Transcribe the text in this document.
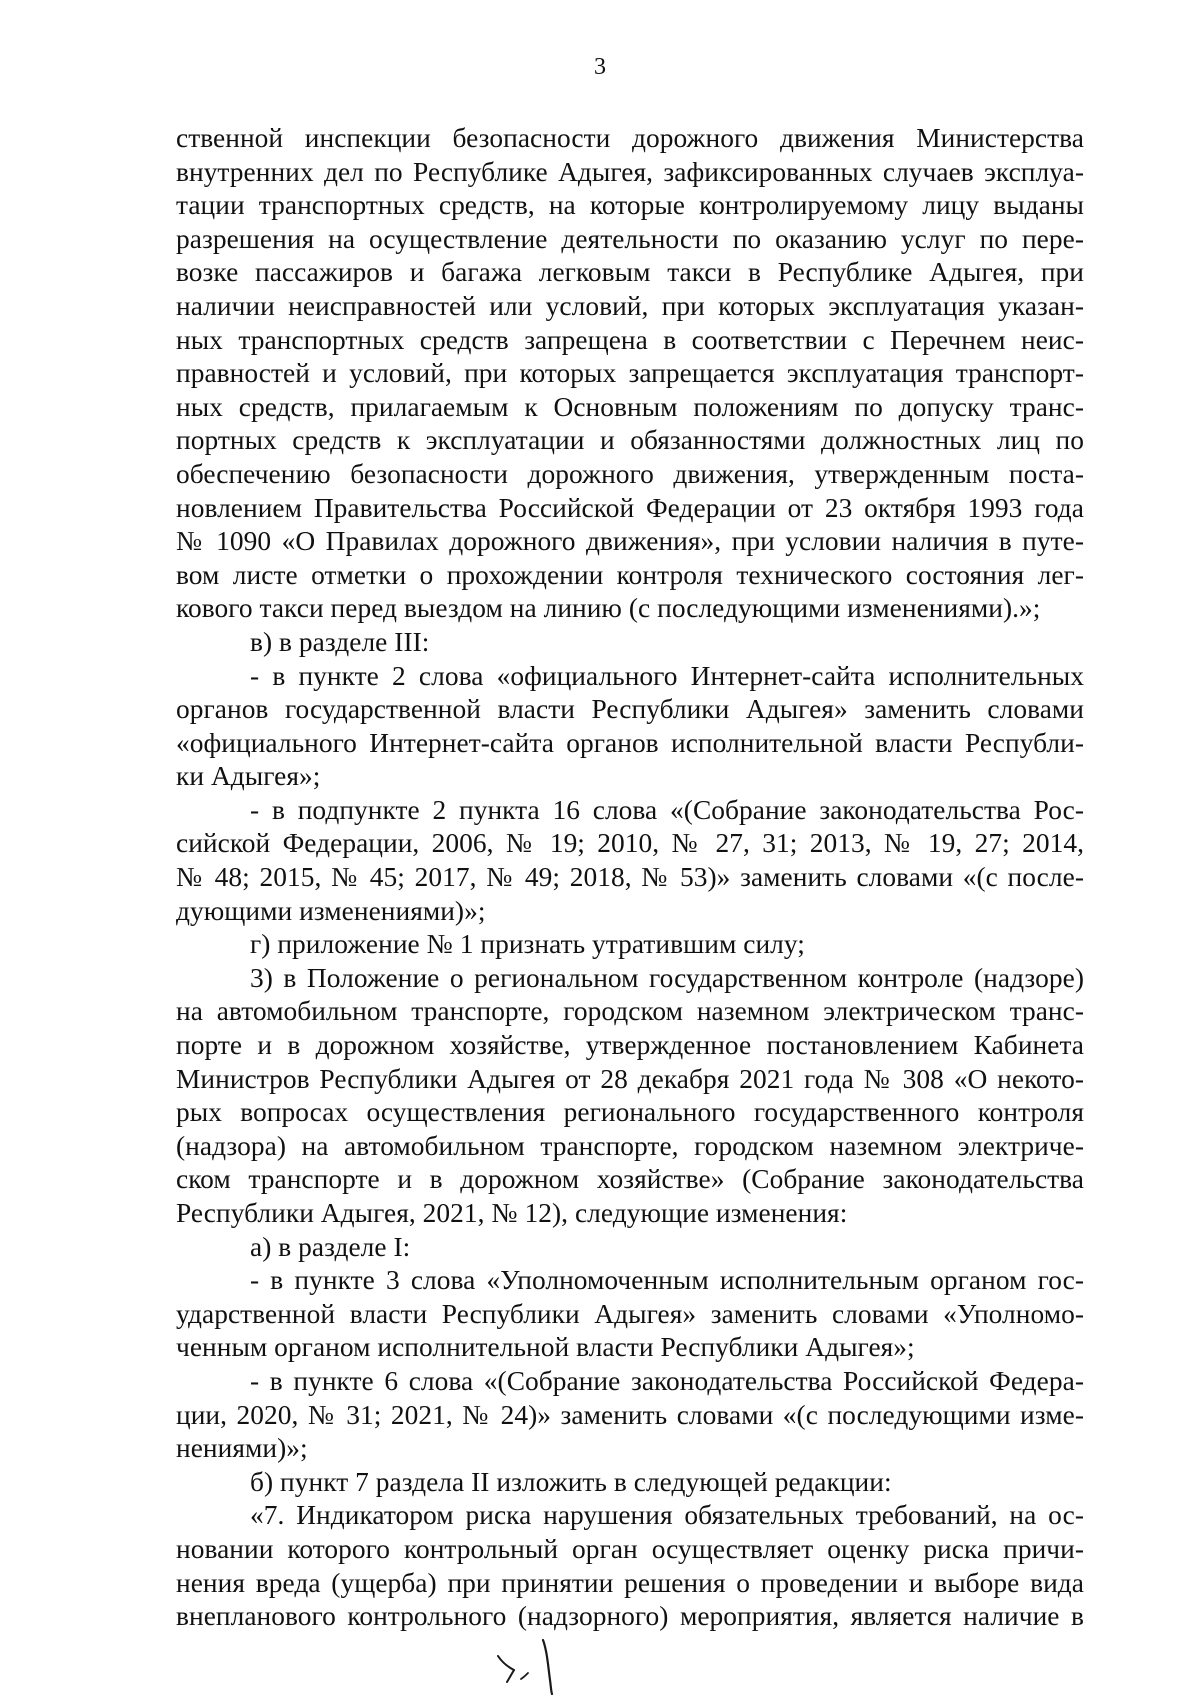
3
ственной инспекции безопасности дорожного движения Министерства
внутренних дел по Республике Адыгея, зафиксированных случаев эксплуа-
тации транспортных средств, на которые контролируемому лицу выданы
разрешения на осуществление деятельности по оказанию услуг по пере-
возке пассажиров и багажа легковым такси в Республике Адыгея, при
наличии неисправностей или условий, при которых эксплуатация указан-
ных транспортных средств запрещена в соответствии с Перечнем неис-
правностей и условий, при которых запрещается эксплуатация транспорт-
ных средств, прилагаемым к Основным положениям по допуску транс-
портных средств к эксплуатации и обязанностями должностных лиц по
обеспечению безопасности дорожного движения, утвержденным поста-
новлением Правительства Российской Федерации от 23 октября 1993 года
№ 1090 «О Правилах дорожного движения», при условии наличия в путе-
вом листе отметки о прохождении контроля технического состояния лег-
кового такси перед выездом на линию (с последующими изменениями).»;
в) в разделе III:
- в пункте 2 слова «официального Интернет-сайта исполнительных
органов государственной власти Республики Адыгея» заменить словами
«официального Интернет-сайта органов исполнительной власти Республи-
ки Адыгея»;
- в подпункте 2 пункта 16 слова «(Собрание законодательства Рос-
сийской Федерации, 2006, № 19; 2010, № 27, 31; 2013, № 19, 27; 2014,
№ 48; 2015, № 45; 2017, № 49; 2018, № 53)» заменить словами «(с после-
дующими изменениями)»;
г) приложение № 1 признать утратившим силу;
3) в Положение о региональном государственном контроле (надзоре)
на автомобильном транспорте, городском наземном электрическом транс-
порте и в дорожном хозяйстве, утвержденное постановлением Кабинета
Министров Республики Адыгея от 28 декабря 2021 года № 308 «О некото-
рых вопросах осуществления регионального государственного контроля
(надзора) на автомобильном транспорте, городском наземном электриче-
ском транспорте и в дорожном хозяйстве» (Собрание законодательства
Республики Адыгея, 2021, № 12), следующие изменения:
а) в разделе I:
- в пункте 3 слова «Уполномоченным исполнительным органом гос-
ударственной власти Республики Адыгея» заменить словами «Уполномо-
ченным органом исполнительной власти Республики Адыгея»;
- в пункте 6 слова «(Собрание законодательства Российской Федера-
ции, 2020, № 31; 2021, № 24)» заменить словами «(с последующими изме-
нениями)»;
б) пункт 7 раздела II изложить в следующей редакции:
«7. Индикатором риска нарушения обязательных требований, на ос-
новании которого контрольный орган осуществляет оценку риска причи-
нения вреда (ущерба) при принятии решения о проведении и выборе вида
внепланового контрольного (надзорного) мероприятия, является наличие в
